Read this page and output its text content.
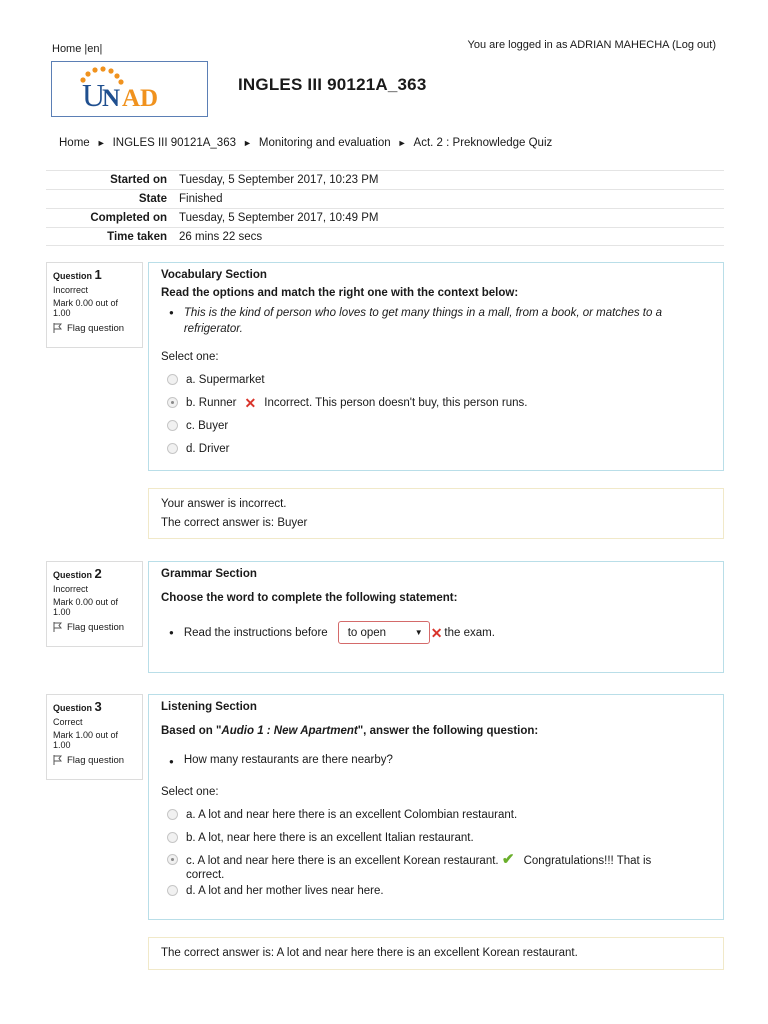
Home |en|	You are logged in as ADRIAN MAHECHA (Log out)
U
N AD
INGLES III 90121A_363
Home ► INGLES III 90121A_363 ► Monitoring and evaluation ► Act. 2 : Preknowledge Quiz
Started on	Tuesday, 5 September 2017, 10:23 PM
State	Finished
Completed on	Tuesday, 5 September 2017, 10:49 PM
Time taken	26 mins 22 secs
Question 1
Incorrect
Mark 0.00 out of 1.00
Flag question
Vocabulary Section
Read the options and match the right one with the context below:
● This is the kind of person who loves to get many things in a mall, from a book, or matches to a refrigerator.
Select one:
a. Supermarket
b. Runner ✕ Incorrect. This person doesn't buy, this person runs.
c. Buyer
d. Driver
Your answer is incorrect.
The correct answer is: Buyer
Question 2
Incorrect
Mark 0.00 out of 1.00
Flag question
Grammar Section
Choose the word to complete the following statement:
● Read the instructions before to open	▼ ✕ the exam.
Question 3
Correct
Mark 1.00 out of 1.00
Flag question
Listening Section
Based on "Audio 1 : New Apartment", answer the following question:
● How many restaurants are there nearby?
Select one:
a. A lot and near here there is an excellent Colombian restaurant.
b. A lot, near here there is an excellent Italian restaurant.
c. A lot and near here there is an excellent Korean restaurant. ✔ Congratulations!!! That is
correct.
d. A lot and her mother lives near here.
The correct answer is: A lot and near here there is an excellent Korean restaurant.
